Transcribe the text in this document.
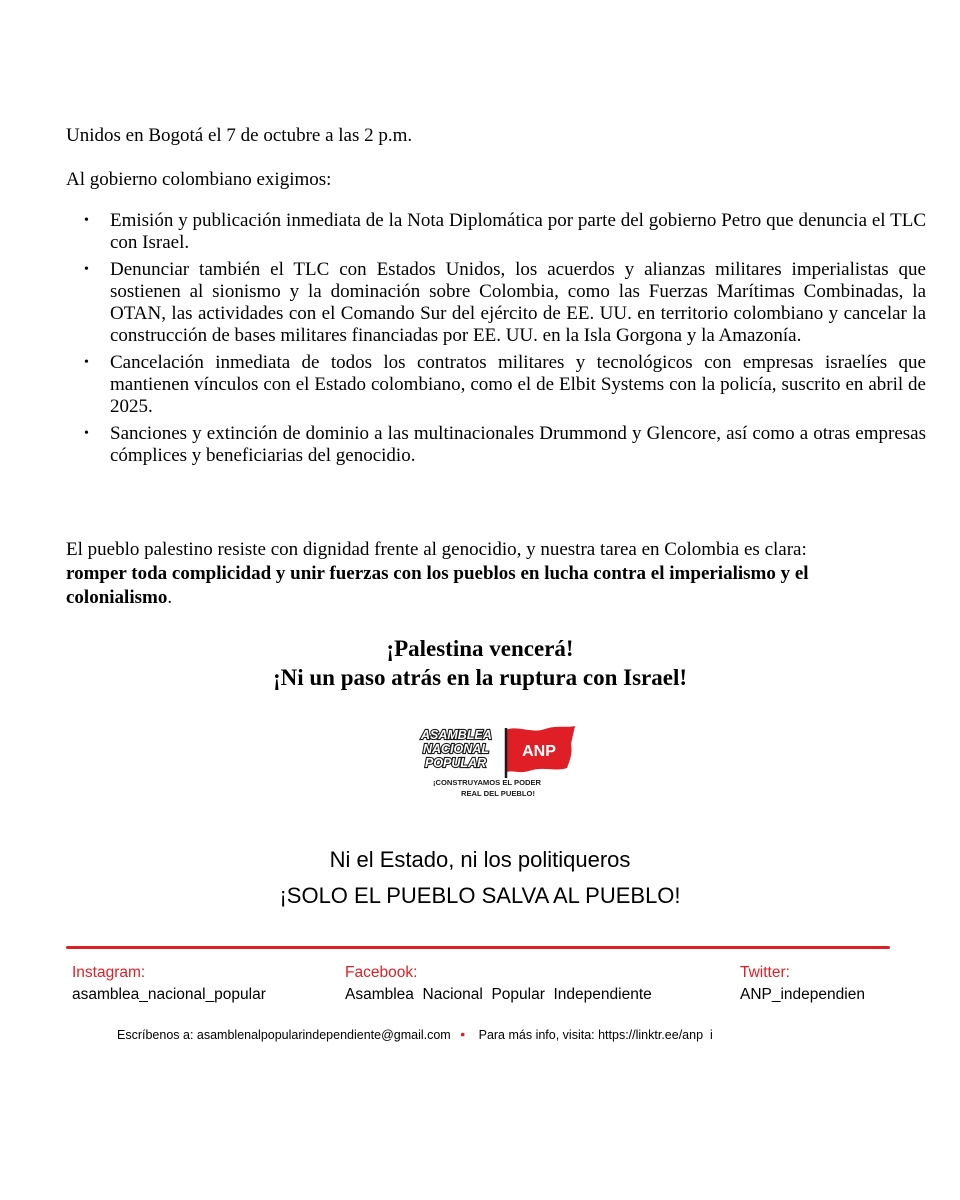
Unidos en Bogotá el 7 de octubre a las 2 p.m.

Al gobierno colombiano exigimos:

• Emisión y publicación inmediata de la Nota Diplomática por parte del gobierno Petro que denuncia el TLC con Israel.
• Denunciar también el TLC con Estados Unidos, los acuerdos y alianzas militares imperialistas que sostienen al sionismo y la dominación sobre Colombia, como las Fuerzas Marítimas Combinadas, la OTAN, las actividades con el Comando Sur del ejército de EE. UU. en territorio colombiano y cancelar la construcción de bases militares financiadas por EE. UU. en la Isla Gorgona y la Amazonía.
• Cancelación inmediata de todos los contratos militares y tecnológicos con empresas israelíes que mantienen vínculos con el Estado colombiano, como el de Elbit Systems con la policía, suscrito en abril de 2025.
• Sanciones y extinción de dominio a las multinacionales Drummond y Glencore, así como a otras empresas cómplices y beneficiarias del genocidio.

El pueblo palestino resiste con dignidad frente al genocidio, y nuestra tarea en Colombia es clara: romper toda complicidad y unir fuerzas con los pueblos en lucha contra el imperialismo y el colonialismo.

¡Palestina vencerá!
¡Ni un paso atrás en la ruptura con Israel!
ASAMBLEA
NACIONAL
POPULAR
ANP
¡CONSTRUYAMOS EL PODER
REAL DEL PUEBLO!
Ni el Estado, ni los politiqueros
¡SOLO EL PUEBLO SALVA AL PUEBLO!
Instagram:
asamblea_nacional_popular
Facebook:
Asamblea  Nacional  Popular  Independiente
Twitter:
ANP_independien
Escríbenos a: asamblenalpopularindependiente@gmail.com • Para más info, visita: https://linktr.ee/anp  i
